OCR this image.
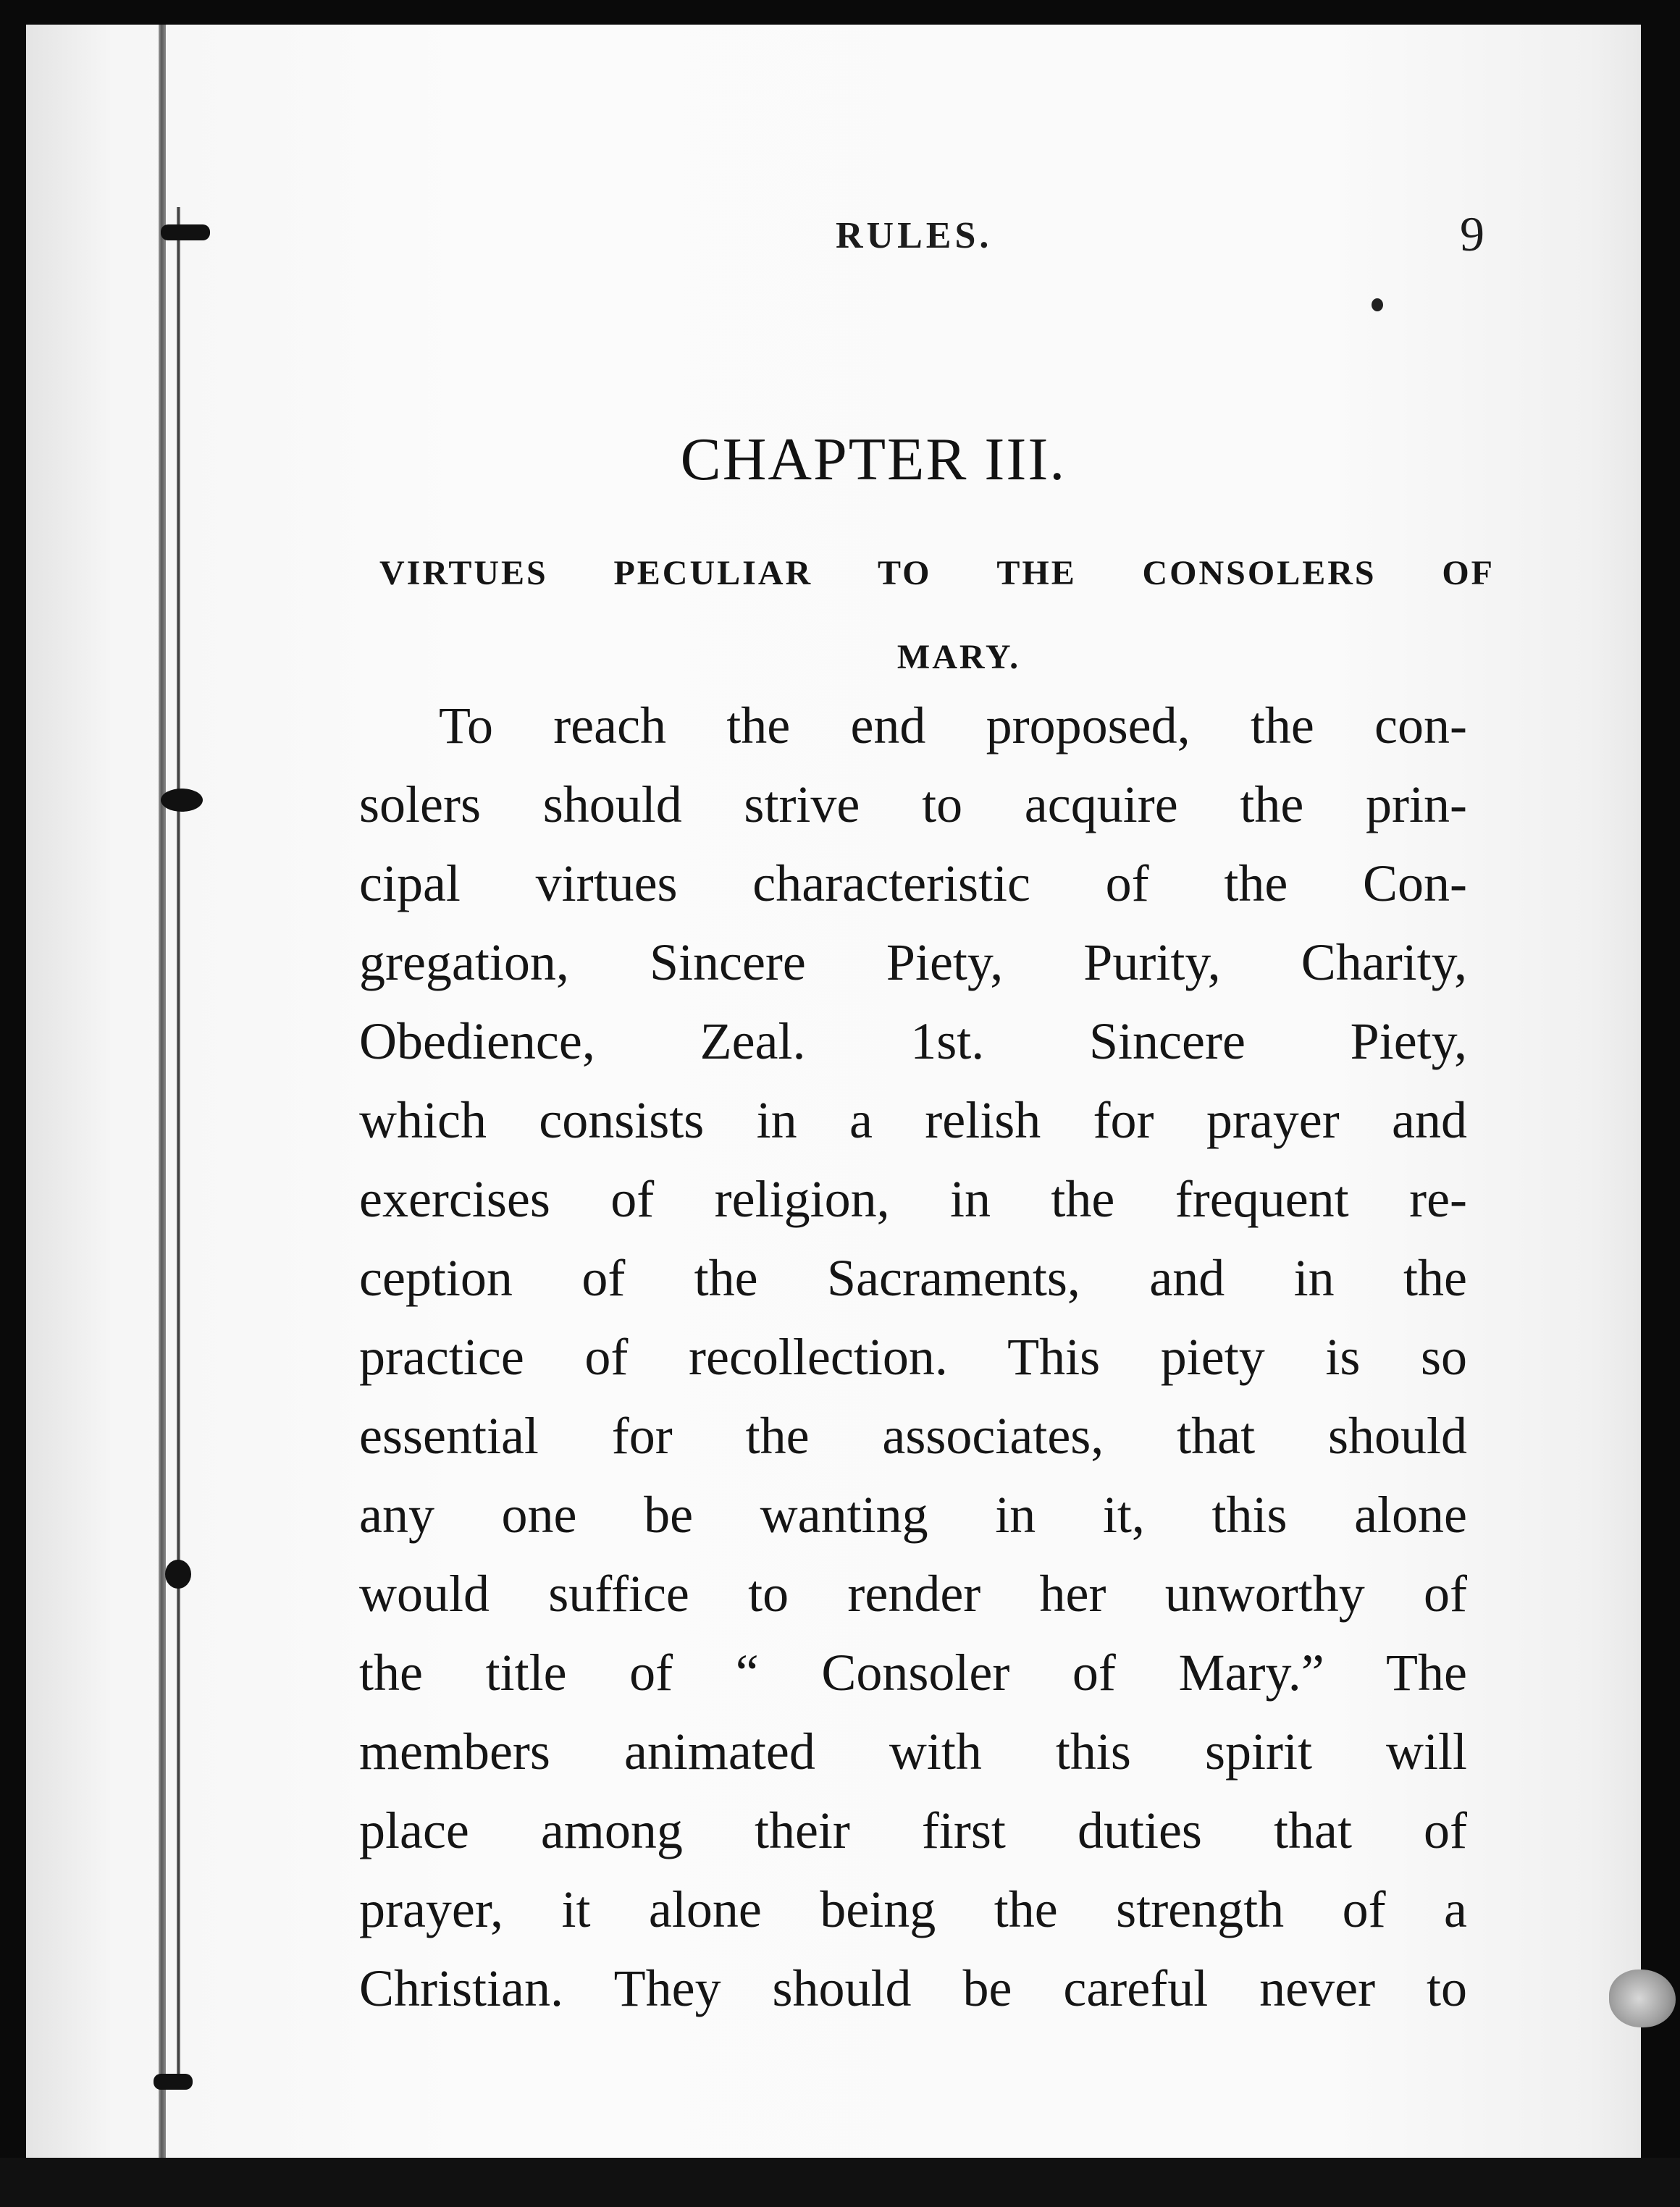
RULES.	9
CHAPTER III.
VIRTUES PECULIAR TO THE CONSOLERS OF
MARY.
To reach the end proposed, the con-
solers should strive to acquire the prin-
cipal virtues characteristic of the Con-
gregation, Sincere Piety, Purity, Charity,
Obedience, Zeal. 1st. Sincere Piety,
which consists in a relish for prayer and
exercises of religion, in the frequent re-
ception of the Sacraments, and in the
practice of recollection. This piety is so
essential for the associates, that should
any one be wanting in it, this alone
would suffice to render her unworthy of
the title of “ Consoler of Mary.” The
members animated with this spirit will
place among their first duties that of
prayer, it alone being the strength of a
Christian. They should be careful never to
